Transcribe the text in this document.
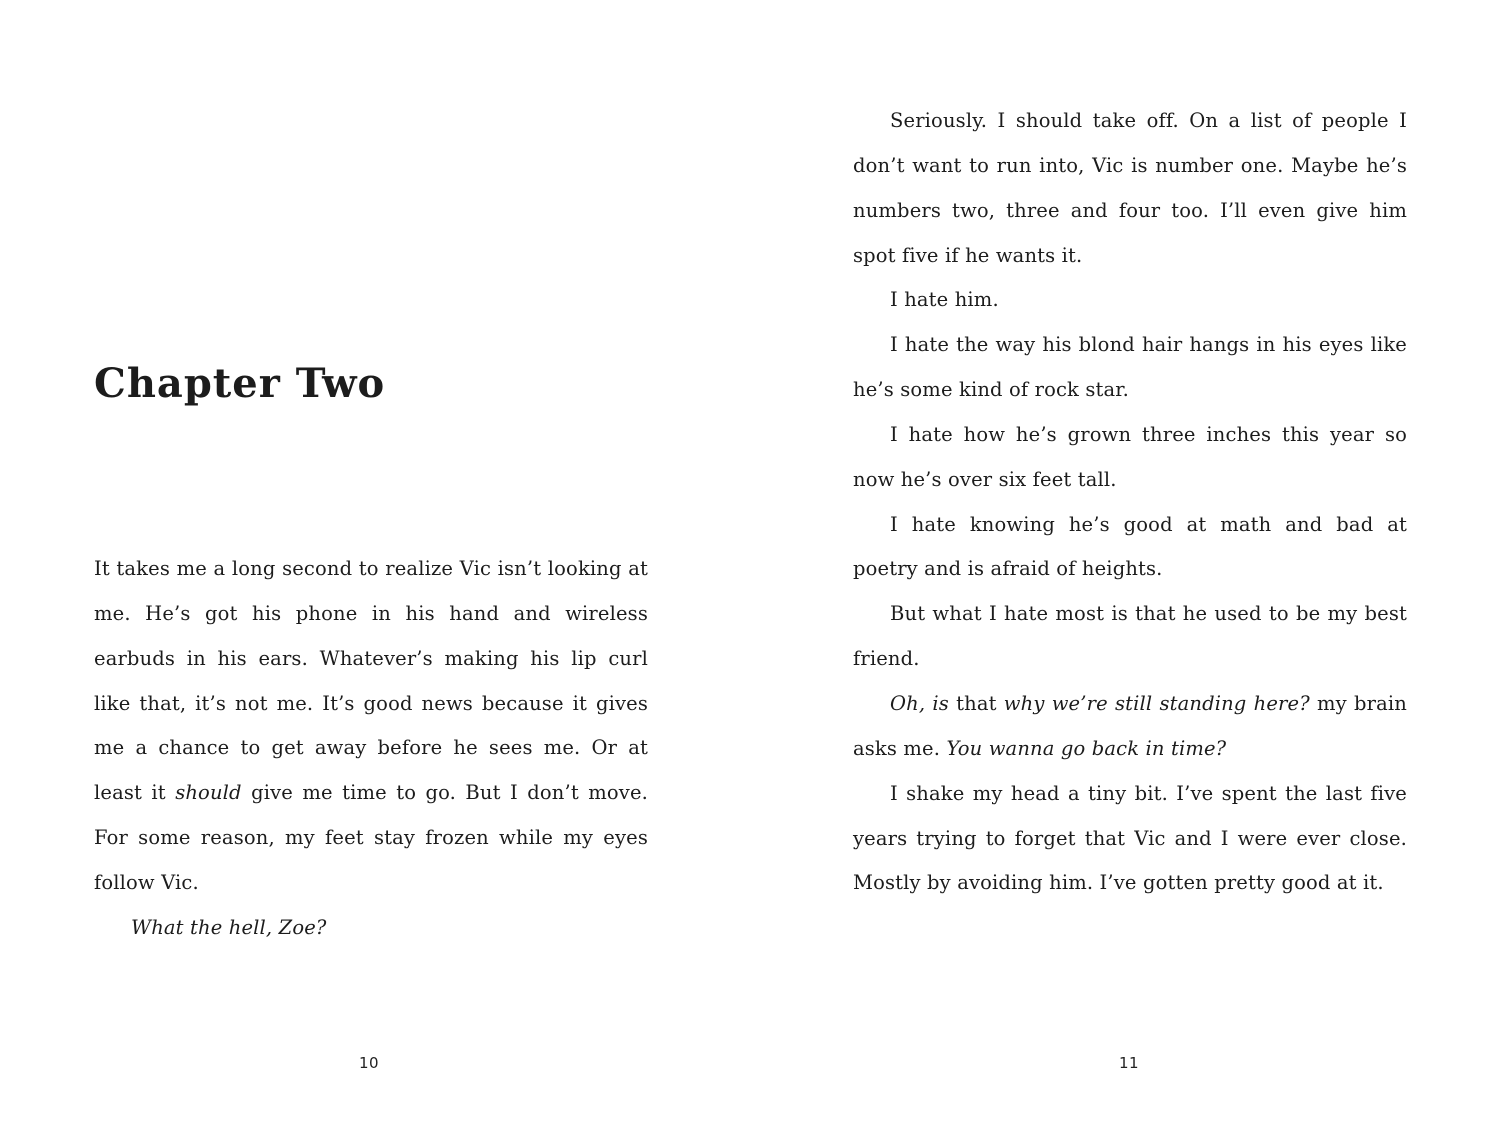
Chapter Two

It takes me a long second to realize Vic isn’t looking at me. He’s got his phone in his hand and wireless earbuds in his ears. Whatever’s making his lip curl like that, it’s not me. It’s good news because it gives me a chance to get away before he sees me. Or at least it should give me time to go. But I don’t move. For some reason, my feet stay frozen while my eyes follow Vic.

What the hell, Zoe?

10

Seriously. I should take off. On a list of people I don’t want to run into, Vic is number one. Maybe he’s numbers two, three and four too. I’ll even give him spot five if he wants it.

I hate him.

I hate the way his blond hair hangs in his eyes like he’s some kind of rock star.

I hate how he’s grown three inches this year so now he’s over six feet tall.

I hate knowing he’s good at math and bad at poetry and is afraid of heights.

But what I hate most is that he used to be my best friend.

Oh, is that why we’re still standing here? my brain asks me. You wanna go back in time?

I shake my head a tiny bit. I’ve spent the last five years trying to forget that Vic and I were ever close. Mostly by avoiding him. I’ve gotten pretty good at it.

11
